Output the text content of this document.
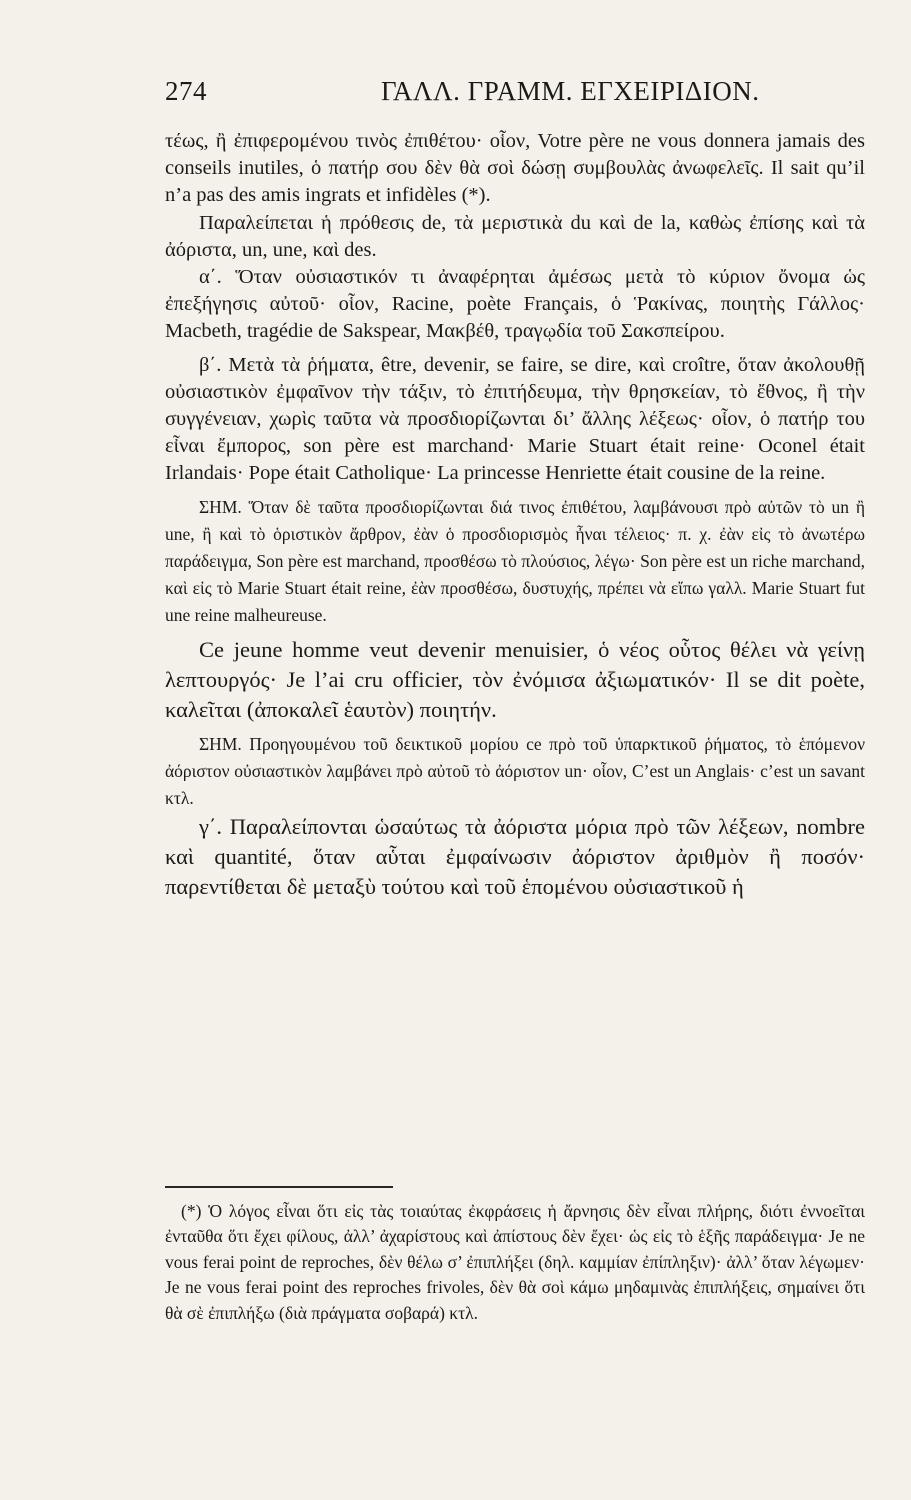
274	ΓΑΛΛ. ΓΡΑΜΜ. ΕΓΧΕΙΡΙΔΙΟΝ.

τέως, ἢ ἐπιφερομένου τινὸς ἐπιθέτου· οἷον, Votre père ne vous donnera jamais des conseils inutiles, ὁ πατήρ σου δὲν θὰ σοὶ δώσῃ συμβουλὰς ἀνωφελεῖς. Il sait qu’il n’a pas des amis ingrats et infidèles (*).

Παραλείπεται ἡ πρόθεσις de, τὰ μεριστικὰ du καὶ de la, καθὼς ἐπίσης καὶ τὰ ἀόριστα, un, une, καὶ des.

α΄. Ὅταν οὐσιαστικόν τι ἀναφέρηται ἀμέσως μετὰ τὸ κύριον ὄνομα ὡς ἐπεξήγησις αὐτοῦ· οἷον, Racine, poète Français, ὁ Ῥακίνας, ποιητὴς Γάλλος· Macbeth, tragédie de Sakspear, Μακβέθ, τραγῳδία τοῦ Σακσπείρου.

β΄. Μετὰ τὰ ῥήματα, être, devenir, se faire, se dire, καὶ croître, ὅταν ἀκολουθῇ οὐσιαστικὸν ἐμφαῖνον τὴν τάξιν, τὸ ἐπιτήδευμα, τὴν θρησκείαν, τὸ ἔθνος, ἢ τὴν συγγένειαν, χωρὶς ταῦτα νὰ προσδιορίζωνται δι’ ἄλλης λέξεως· οἷον, ὁ πατήρ του εἶναι ἔμπορος, son père est marchand· Marie Stuart était reine· Oconel était Irlandais· Pope était Catholique· La princesse Henriette était cousine de la reine.

ΣΗΜ. Ὅταν δὲ ταῦτα προσδιορίζωνται διά τινος ἐπιθέτου, λαμβάνουσι πρὸ αὐτῶν τὸ un ἢ une, ἢ καὶ τὸ ὁριστικὸν ἄρθρον, ἐὰν ὁ προσδιορισμὸς ἦναι τέλειος· π. χ. ἐὰν εἰς τὸ ἀνωτέρω παράδειγμα, Son père est marchand, προσθέσω τὸ πλούσιος, λέγω· Son père est un riche marchand, καὶ εἰς τὸ Marie Stuart était reine, ἐὰν προσθέσω, δυστυχής, πρέπει νὰ εἴπω γαλλ. Marie Stuart fut une reine malheureuse.

Ce jeune homme veut devenir menuisier, ὁ νέος οὗτος θέλει νὰ γείνῃ λεπτουργός· Je l’ai cru officier, τὸν ἐνόμισα ἀξιωματικόν· Il se dit poète, καλεῖται (ἀποκαλεῖ ἑαυτὸν) ποιητήν.

ΣΗΜ. Προηγουμένου τοῦ δεικτικοῦ μορίου ce πρὸ τοῦ ὑπαρκτικοῦ ῥήματος, τὸ ἑπόμενον ἀόριστον οὐσιαστικὸν λαμβάνει πρὸ αὐτοῦ τὸ ἀόριστον un· οἷον, C’est un Anglais· c’est un savant κτλ.

γ΄. Παραλείπονται ὡσαύτως τὰ ἀόριστα μόρια πρὸ τῶν λέξεων, nombre καὶ quantité, ὅταν αὗται ἐμφαίνωσιν ἀόριστον ἀριθμὸν ἢ ποσόν· παρεντίθεται δὲ μεταξὺ τούτου καὶ τοῦ ἑπομένου οὐσιαστικοῦ ἡ

(*) Ὁ λόγος εἶναι ὅτι εἰς τὰς τοιαύτας ἐκφράσεις ἡ ἄρνησις δὲν εἶναι πλήρης, διότι ἐννοεῖται ἐνταῦθα ὅτι ἔχει φίλους, ἀλλ’ ἀχαρίστους καὶ ἀπίστους δὲν ἔχει· ὡς εἰς τὸ ἑξῆς παράδειγμα· Je ne vous ferai point de reproches, δὲν θέλω σ’ ἐπιπλήξει (δηλ. καμμίαν ἐπίπληξιν)· ἀλλ’ ὅταν λέγωμεν· Je ne vous ferai point des reproches frivoles, δὲν θὰ σοὶ κάμω μηδαμινὰς ἐπιπλήξεις, σημαίνει ὅτι θὰ σὲ ἐπιπλήξω (διὰ πράγματα σοβαρά) κτλ.
